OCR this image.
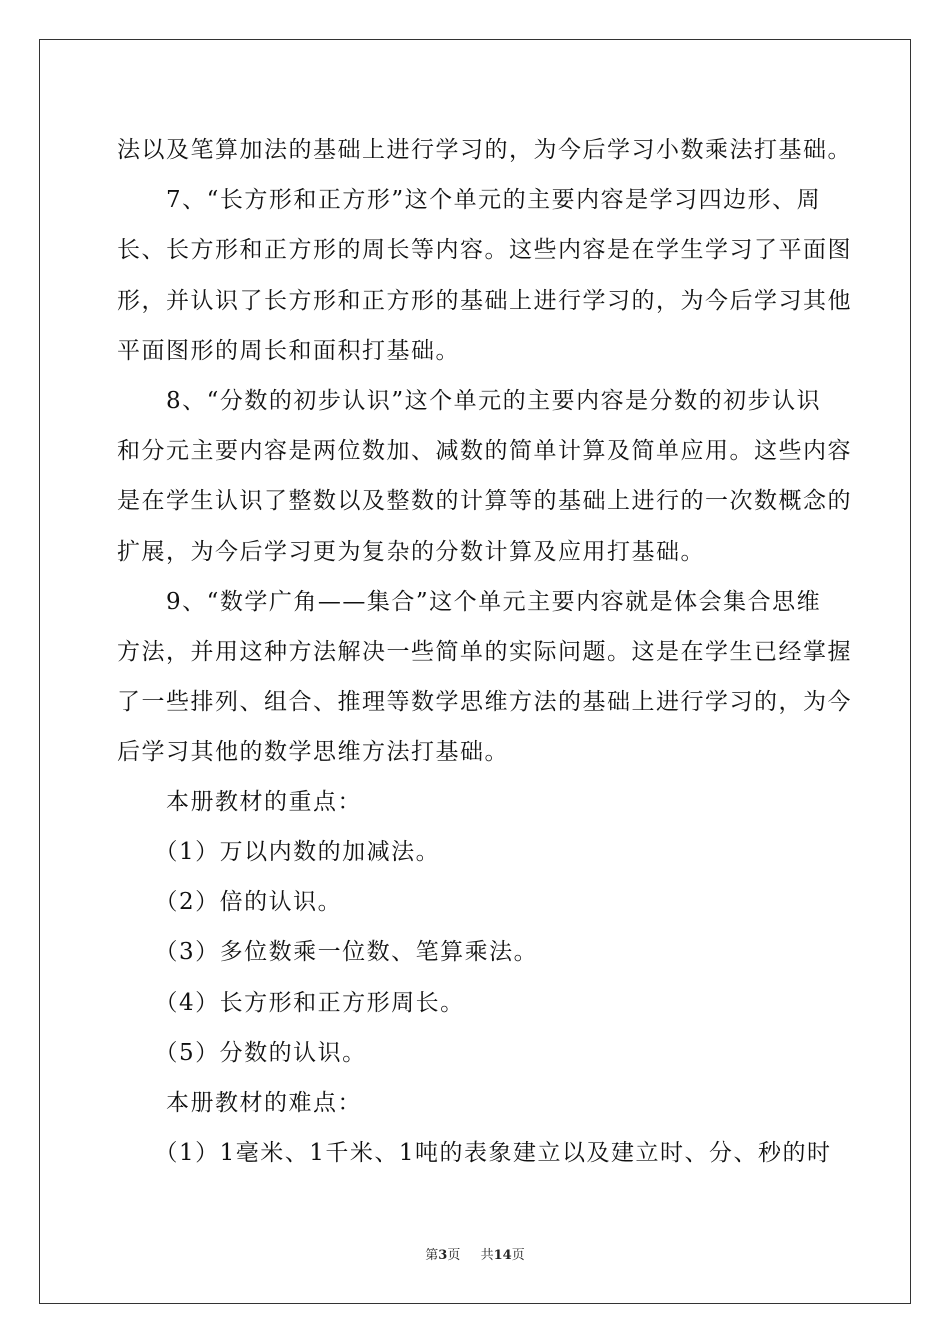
法以及笔算加法的基础上进行学习的，为今后学习小数乘法打基础。
　　7、“长方形和正方形”这个单元的主要内容是学习四边形、周
长、长方形和正方形的周长等内容。这些内容是在学生学习了平面图
形，并认识了长方形和正方形的基础上进行学习的，为今后学习其他
平面图形的周长和面积打基础。
　　8、“分数的初步认识”这个单元的主要内容是分数的初步认识
和分元主要内容是两位数加、减数的简单计算及简单应用。这些内容
是在学生认识了整数以及整数的计算等的基础上进行的一次数概念的
扩展，为今后学习更为复杂的分数计算及应用打基础。
　　9、“数学广角——集合”这个单元主要内容就是体会集合思维
方法，并用这种方法解决一些简单的实际问题。这是在学生已经掌握
了一些排列、组合、推理等数学思维方法的基础上进行学习的，为今
后学习其他的数学思维方法打基础。
　　本册教材的重点：
　　（1）万以内数的加减法。
　　（2）倍的认识。
　　（3）多位数乘一位数、笔算乘法。
　　（4）长方形和正方形周长。
　　（5）分数的认识。
　　本册教材的难点：
　　（1）1毫米、1千米、1吨的表象建立以及建立时、分、秒的时
第3页 共14页
